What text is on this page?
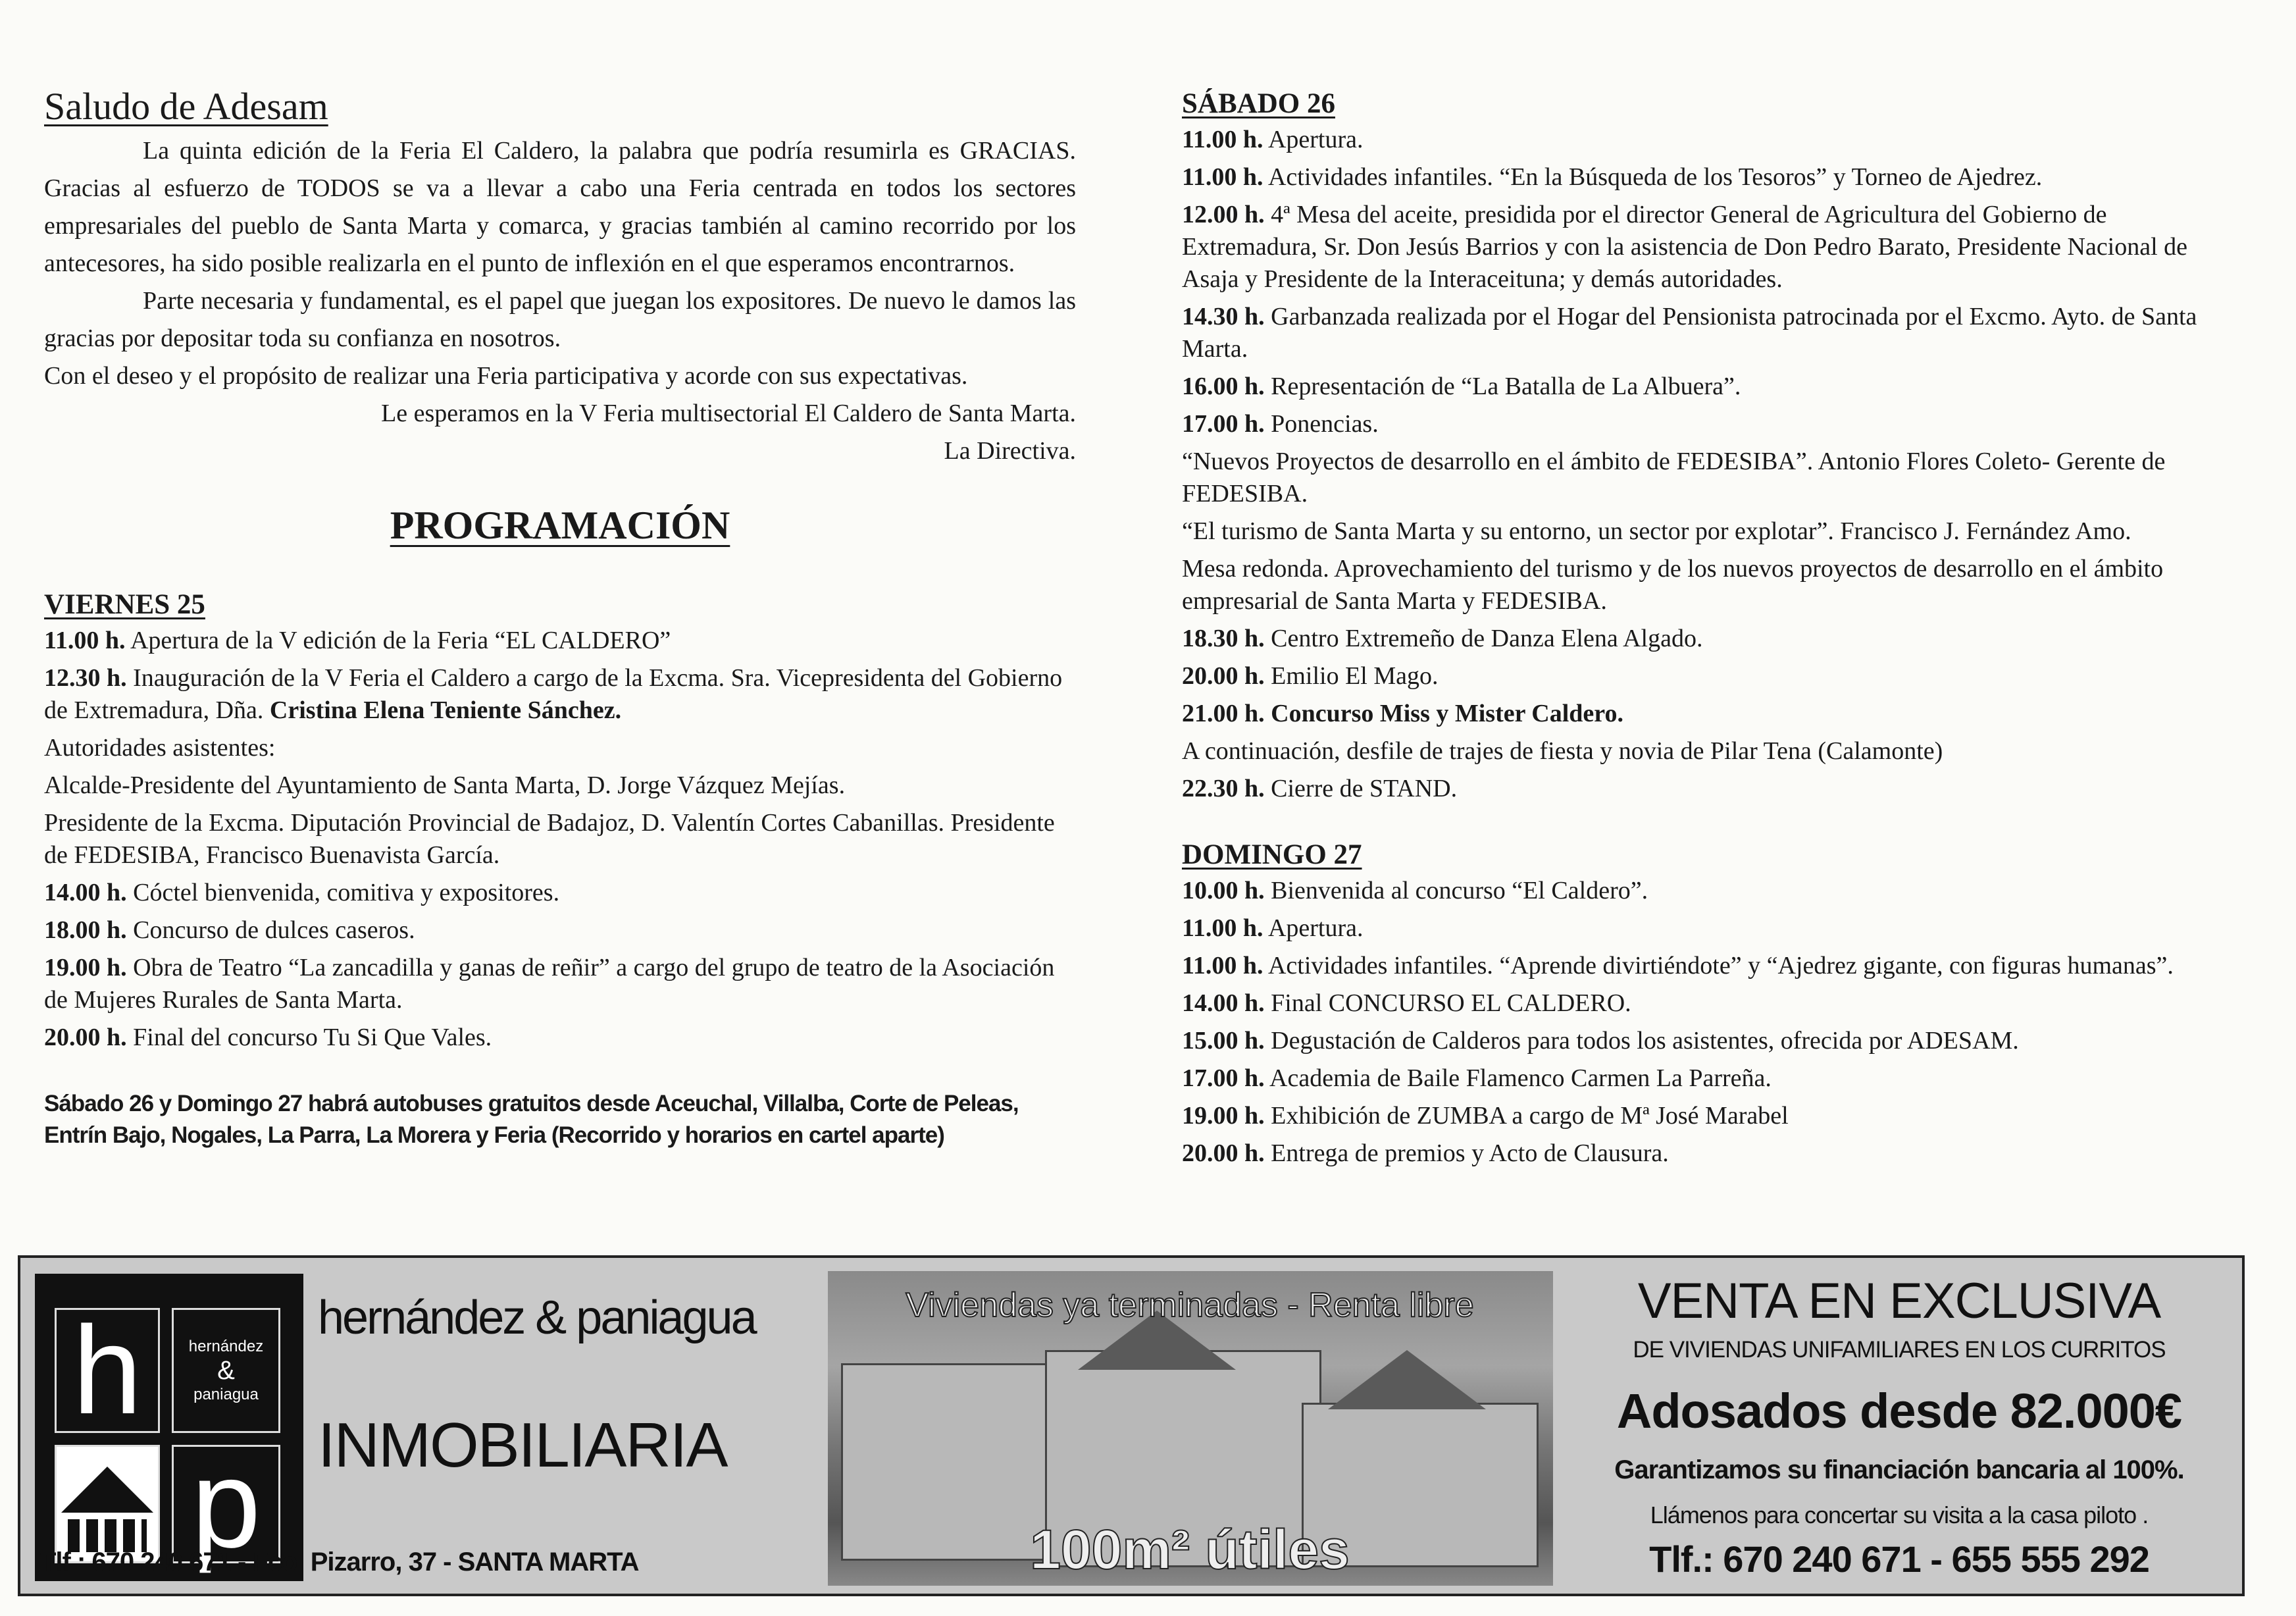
Saludo de Adesam

La quinta edición de la Feria El Caldero, la palabra que podría resumirla es GRACIAS. Gracias al esfuerzo de TODOS se va a llevar a cabo una Feria centrada en todos los sectores empresariales del pueblo de Santa Marta y comarca, y gracias también al camino recorrido por los antecesores, ha sido posible realizarla en el punto de inflexión en el que esperamos encontrarnos.

Parte necesaria y fundamental, es el papel que juegan los expositores. De nuevo le damos las gracias por depositar toda su confianza en nosotros.

Con el deseo y el propósito de realizar una Feria participativa y acorde con sus expectativas.

Le esperamos en la V Feria multisectorial El Caldero de Santa Marta.

La Directiva.

PROGRAMACIÓN
VIERNES 25
11.00 h. Apertura de la V edición de la Feria “EL CALDERO”
12.30 h. Inauguración de la V Feria el Caldero a cargo de la Excma. Sra. Vicepresidenta del Gobierno de Extremadura, Dña. Cristina Elena Teniente Sánchez.
Autoridades asistentes:
Alcalde-Presidente del Ayuntamiento de Santa Marta, D. Jorge Vázquez Mejías.
Presidente de la Excma. Diputación Provincial de Badajoz, D. Valentín Cortes Cabanillas. Presidente de FEDESIBA, Francisco Buenavista García.
14.00 h. Cóctel bienvenida, comitiva y expositores.
18.00 h. Concurso de dulces caseros.
19.00 h. Obra de Teatro “La zancadilla y ganas de reñir” a cargo del grupo de teatro de la Asociación de Mujeres Rurales de Santa Marta.
20.00 h. Final del concurso Tu Si Que Vales.
Sábado 26 y Domingo 27 habrá autobuses gratuitos desde Aceuchal, Villalba, Corte de Peleas, Entrín Bajo, Nogales, La Parra, La Morera y Feria (Recorrido y horarios en cartel aparte)
SÁBADO 26
11.00 h. Apertura.
11.00 h. Actividades infantiles. “En la Búsqueda de los Tesoros” y Torneo de Ajedrez.
12.00 h. 4ª Mesa del aceite, presidida por el director General de Agricultura del Gobierno de Extremadura, Sr. Don Jesús Barrios y con la asistencia de Don Pedro Barato, Presidente Nacional de Asaja y Presidente de la Interaceituna; y demás autoridades.
14.30 h. Garbanzada realizada por el Hogar del Pensionista patrocinada por el Excmo. Ayto. de Santa Marta.
16.00 h. Representación de “La Batalla de La Albuera”.
17.00 h. Ponencias.
“Nuevos Proyectos de desarrollo en el ámbito de FEDESIBA”. Antonio Flores Coleto- Gerente de FEDESIBA.
“El turismo de Santa Marta y su entorno, un sector por explotar”. Francisco J. Fernández Amo.
Mesa redonda. Aprovechamiento del turismo y de los nuevos proyectos de desarrollo en el ámbito empresarial de Santa Marta y FEDESIBA.
18.30 h. Centro Extremeño de Danza Elena Algado.
20.00 h. Emilio El Mago.
21.00 h. Concurso Miss y Mister Caldero.
A continuación, desfile de trajes de fiesta y novia de Pilar Tena (Calamonte)
22.30 h. Cierre de STAND.
DOMINGO 27
10.00 h. Bienvenida al concurso “El Caldero”.
11.00 h. Apertura.
11.00 h. Actividades infantiles. “Aprende divirtiéndote” y “Ajedrez gigante, con figuras humanas”.
14.00 h. Final CONCURSO EL CALDERO.
15.00 h. Degustación de Calderos para todos los asistentes, ofrecida por ADESAM.
17.00 h. Academia de Baile Flamenco Carmen La Parreña.
19.00 h. Exhibición de ZUMBA a cargo de Mª José Marabel
20.00 h. Entrega de premios y Acto de Clausura.
h	hernández
&
paniagua
p
hernández & paniagua
INMOBILIARIA
Tlf.: 670 240 671 - Fco. Pizarro, 37 - SANTA MARTA
Viviendas ya terminadas - Renta libre
100m² útiles
VENTA EN EXCLUSIVA
DE VIVIENDAS UNIFAMILIARES EN LOS CURRITOS
Adosados desde 82.000€
Garantizamos su financiación bancaria al 100%.
Llámenos para concertar su visita a la casa piloto .
Tlf.: 670 240 671 - 655 555 292
